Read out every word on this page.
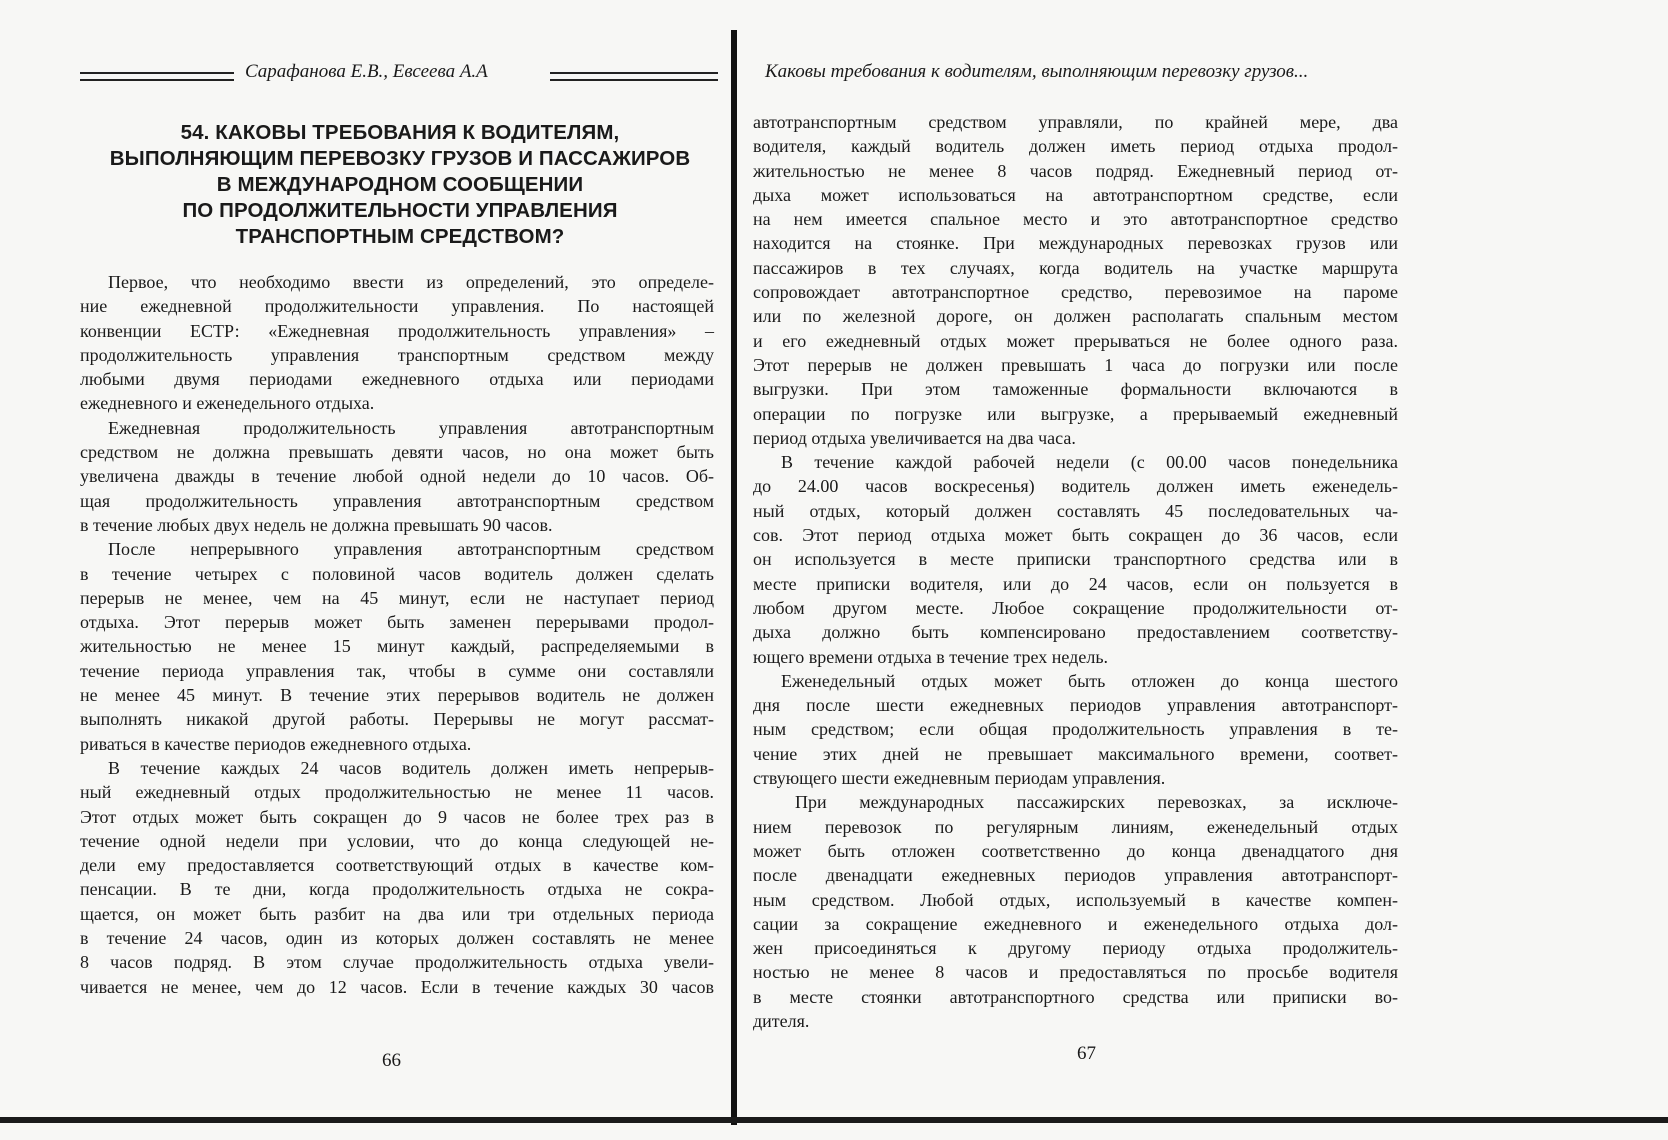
Сарафанова Е.В., Евсеева А.А
54. КАКОВЫ ТРЕБОВАНИЯ К ВОДИТЕЛЯМ,
ВЫПОЛНЯЮЩИМ ПЕРЕВОЗКУ ГРУЗОВ И ПАССАЖИРОВ
В МЕЖДУНАРОДНОМ СООБЩЕНИИ
ПО ПРОДОЛЖИТЕЛЬНОСТИ УПРАВЛЕНИЯ
ТРАНСПОРТНЫМ СРЕДСТВОМ?
Первое, что необходимо ввести из определений, это определе-
ние ежедневной продолжительности управления. По настоящей
конвенции ЕСТР: «Ежедневная продолжительность управления» –
продолжительность управления транспортным средством между
любыми двумя периодами ежедневного отдыха или периодами
ежедневного и еженедельного отдыха.
Ежедневная продолжительность управления автотранспортным
средством не должна превышать девяти часов, но она может быть
увеличена дважды в течение любой одной недели до 10 часов. Об-
щая продолжительность управления автотранспортным средством
в течение любых двух недель не должна превышать 90 часов.
После непрерывного управления автотранспортным средством
в течение четырех с половиной часов водитель должен сделать
перерыв не менее, чем на 45 минут, если не наступает период
отдыха. Этот перерыв может быть заменен перерывами продол-
жительностью не менее 15 минут каждый, распределяемыми в
течение периода управления так, чтобы в сумме они составляли
не менее 45 минут. В течение этих перерывов водитель не должен
выполнять никакой другой работы. Перерывы не могут рассмат-
риваться в качестве периодов ежедневного отдыха.
В течение каждых 24 часов водитель должен иметь непрерыв-
ный ежедневный отдых продолжительностью не менее 11 часов.
Этот отдых может быть сокращен до 9 часов не более трех раз в
течение одной недели при условии, что до конца следующей не-
дели ему предоставляется соответствующий отдых в качестве ком-
пенсации. В те дни, когда продолжительность отдыха не сокра-
щается, он может быть разбит на два или три отдельных периода
в течение 24 часов, один из которых должен составлять не менее
8 часов подряд. В этом случае продолжительность отдыха увели-
чивается не менее, чем до 12 часов. Если в течение каждых 30 часов
66
Каковы требования к водителям, выполняющим перевозку грузов...
автотранспортным средством управляли, по крайней мере, два
водителя, каждый водитель должен иметь период отдыха продол-
жительностью не менее 8 часов подряд. Ежедневный период от-
дыха может использоваться на автотранспортном средстве, если
на нем имеется спальное место и это автотранспортное средство
находится на стоянке. При международных перевозках грузов или
пассажиров в тех случаях, когда водитель на участке маршрута
сопровождает автотранспортное средство, перевозимое на пароме
или по железной дороге, он должен располагать спальным местом
и его ежедневный отдых может прерываться не более одного раза.
Этот перерыв не должен превышать 1 часа до погрузки или после
выгрузки. При этом таможенные формальности включаются в
операции по погрузке или выгрузке, а прерываемый ежедневный
период отдыха увеличивается на два часа.
В течение каждой рабочей недели (с 00.00 часов понедельника
до 24.00 часов воскресенья) водитель должен иметь еженедель-
ный отдых, который должен составлять 45 последовательных ча-
сов. Этот период отдыха может быть сокращен до 36 часов, если
он используется в месте приписки транспортного средства или в
месте приписки водителя, или до 24 часов, если он пользуется в
любом другом месте. Любое сокращение продолжительности от-
дыха должно быть компенсировано предоставлением соответству-
ющего времени отдыха в течение трех недель.
Еженедельный отдых может быть отложен до конца шестого
дня после шести ежедневных периодов управления автотранспорт-
ным средством; если общая продолжительность управления в те-
чение этих дней не превышает максимального времени, соответ-
ствующего шести ежедневным периодам управления.
При международных пассажирских перевозках, за исключе-
нием перевозок по регулярным линиям, еженедельный отдых
может быть отложен соответственно до конца двенадцатого дня
после двенадцати ежедневных периодов управления автотранспорт-
ным средством. Любой отдых, используемый в качестве компен-
сации за сокращение ежедневного и еженедельного отдыха дол-
жен присоединяться к другому периоду отдыха продолжитель-
ностью не менее 8 часов и предоставляться по просьбе водителя
в месте стоянки автотранспортного средства или приписки во-
дителя.
67
